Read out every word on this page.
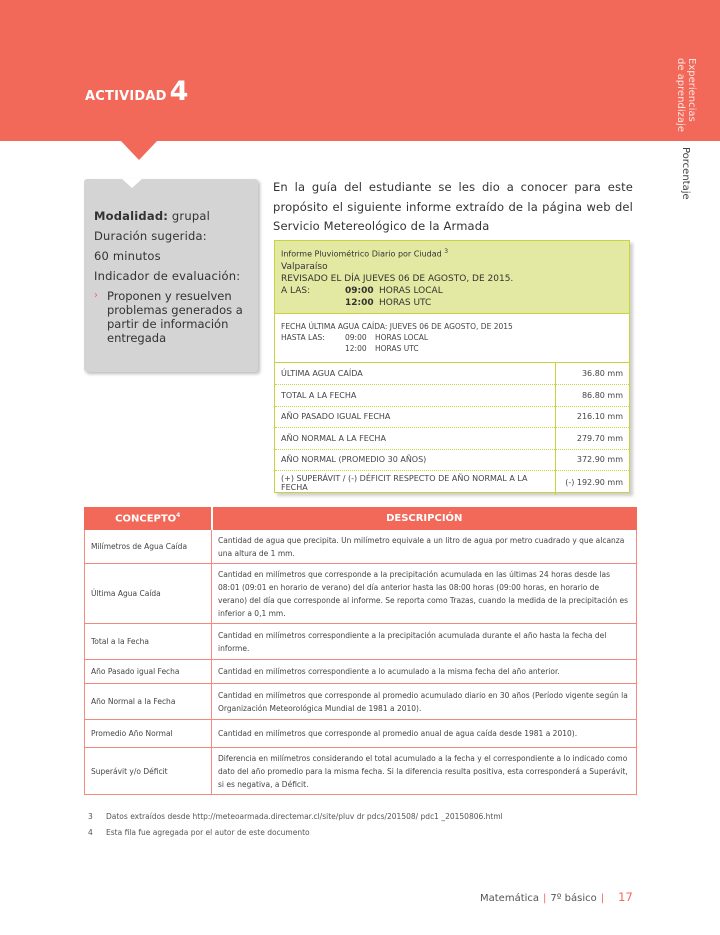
ACTIVIDAD 4	Experiencias
de aprendizaje
Porcentaje

Modalidad: grupal

Duración sugerida:

60 minutos

Indicador de evaluación:

› Proponen y resuelven problemas generados a partir de información entregada
En la guía del estudiante se les dio a conocer para este propósito el siguiente informe extraído de la página web del Servicio Metereológico de la Armada
Informe Pluviométrico Diario por Ciudad $^3$
Valparaíso
REVISADO EL DÍA JUEVES 06 DE AGOSTO, DE 2015.
A LAS:	09:00 HORAS LOCAL
12:00 HORAS UTC
FECHA ÚLTIMA AGUA CAÍDA: JUEVES 06 DE AGOSTO, DE 2015
HASTA LAS:	09:00	HORAS LOCAL
12:00	HORAS UTC
ÚLTIMA AGUA CAÍDA	36.80 mm
TOTAL A LA FECHA	86.80 mm
AÑO PASADO IGUAL FECHA	216.10 mm
AÑO NORMAL A LA FECHA	279.70 mm
AÑO NORMAL (PROMEDIO 30 AÑOS)	372.90 mm
(+) SUPERÁVIT / (-) DÉFICIT RESPECTO DE AÑO NORMAL A LA FECHA	(-) 192.90 mm
CONCEPTO$^4$	DESCRIPCIÓN
Milímetros de Agua Caída	Cantidad de agua que precipita. Un milímetro equivale a un litro de agua por metro cuadrado y que alcanza una altura de 1 mm.
Última Agua Caída	Cantidad en milímetros que corresponde a la precipitación acumulada en las últimas 24 horas desde las 08:01 (09:01 en horario de verano) del día anterior hasta las 08:00 horas (09:00 horas, en horario de verano) del día que corresponde al informe. Se reporta como Trazas, cuando la medida de la precipitación es inferior a 0,1 mm.
Total a la Fecha	Cantidad en milímetros correspondiente a la precipitación acumulada durante el año hasta la fecha del informe.
Año Pasado igual Fecha	Cantidad en milímetros correspondiente a lo acumulado a la misma fecha del año anterior.
Año Normal a la Fecha	Cantidad en milímetros que corresponde al promedio acumulado diario en 30 años (Período vigente según la Organización Meteorológica Mundial de 1981 a 2010).
Promedio Año Normal	Cantidad en milímetros que corresponde al promedio anual de agua caída desde 1981 a 2010).
Superávit y/o Déficit	Diferencia en milímetros considerando el total acumulado a la fecha y el correspondiente a lo indicado como dato del año promedio para la misma fecha. Si la diferencia resulta positiva, esta corresponderá a Superávit, si es negativa, a Déficit.
3	Datos extraídos desde http://meteoarmada.directemar.cl/site/pluv dr pdcs/201508/ pdc1 _20150806.html
4	Esta fila fue agregada por el autor de este documento
Matemática | 7º básico | 17
